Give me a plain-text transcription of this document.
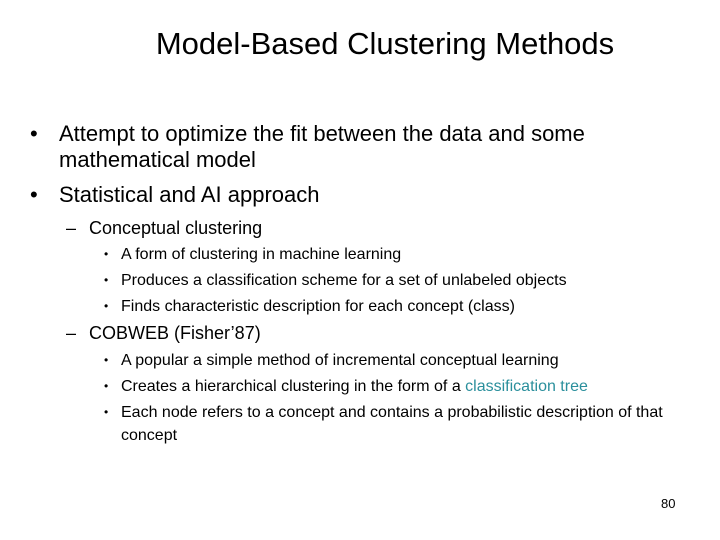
Model-Based Clustering Methods
• Attempt to optimize the fit between the data and some mathematical model
• Statistical and AI approach
– Conceptual clustering
• A form of clustering in machine learning
• Produces a classification scheme for a set of unlabeled objects
• Finds characteristic description for each concept (class)
– COBWEB (Fisher’87)
• A popular a simple method of incremental conceptual learning
• Creates a hierarchical clustering in the form of a classification tree
• Each node refers to a concept and contains a probabilistic description of that concept
80
